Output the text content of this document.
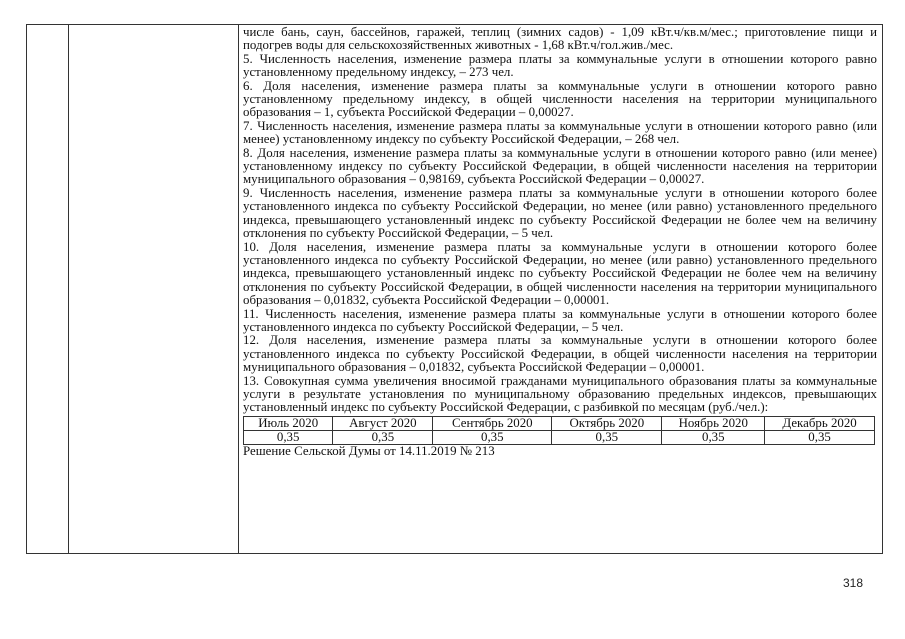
числе бань, саун, бассейнов, гаражей, теплиц (зимних садов) - 1,09 кВт.ч/кв.м/мес.; приготовление пищи и подогрев воды для сельскохозяйственных животных - 1,68 кВт.ч/гол.жив./мес.

5. Численность населения, изменение размера платы за коммунальные услуги в отношении которого равно установленному предельному индексу, – 273 чел.

6. Доля населения, изменение размера платы за коммунальные услуги в отношении которого равно установленному предельному индексу, в общей численности населения на территории муниципального образования – 1, субъекта Российской Федерации – 0,00027.

7. Численность населения, изменение размера платы за коммунальные услуги в отношении которого равно (или менее) установленному индексу по субъекту Российской Федерации, – 268 чел.

8. Доля населения, изменение размера платы за коммунальные услуги в отношении которого равно (или менее) установленному индексу по субъекту Российской Федерации, в общей численности населения на территории муниципального образования – 0,98169, субъекта Российской Федерации – 0,00027.

9. Численность населения, изменение размера платы за коммунальные услуги в отношении которого более установленного индекса по субъекту Российской Федерации, но менее (или равно) установленного предельного индекса, превышающего установленный индекс по субъекту Российской Федерации не более чем на величину отклонения по субъекту Российской Федерации, – 5 чел.

10. Доля населения, изменение размера платы за коммунальные услуги в отношении которого более установленного индекса по субъекту Российской Федерации, но менее (или равно) установленного предельного индекса, превышающего установленный индекс по субъекту Российской Федерации не более чем на величину отклонения по субъекту Российской Федерации, в общей численности населения на территории муниципального образования – 0,01832, субъекта Российской Федерации – 0,00001.

11. Численность населения, изменение размера платы за коммунальные услуги в отношении которого более установленного индекса по субъекту Российской Федерации, – 5 чел.

12. Доля населения, изменение размера платы за коммунальные услуги в отношении которого более установленного индекса по субъекту Российской Федерации, в общей численности населения на территории муниципального образования – 0,01832, субъекта Российской Федерации – 0,00001.

13. Совокупная сумма увеличения вносимой гражданами муниципального образования платы за коммунальные услуги в результате установления по муниципальному образованию предельных индексов, превышающих установленный индекс по субъекту Российской Федерации, с разбивкой по месяцам (руб./чел.):

Июль 2020	Август 2020	Сентябрь 2020	Октябрь 2020	Ноябрь 2020	Декабрь 2020
0,35	0,35	0,35	0,35	0,35	0,35

Решение Сельской Думы от 14.11.2019 № 213

318
